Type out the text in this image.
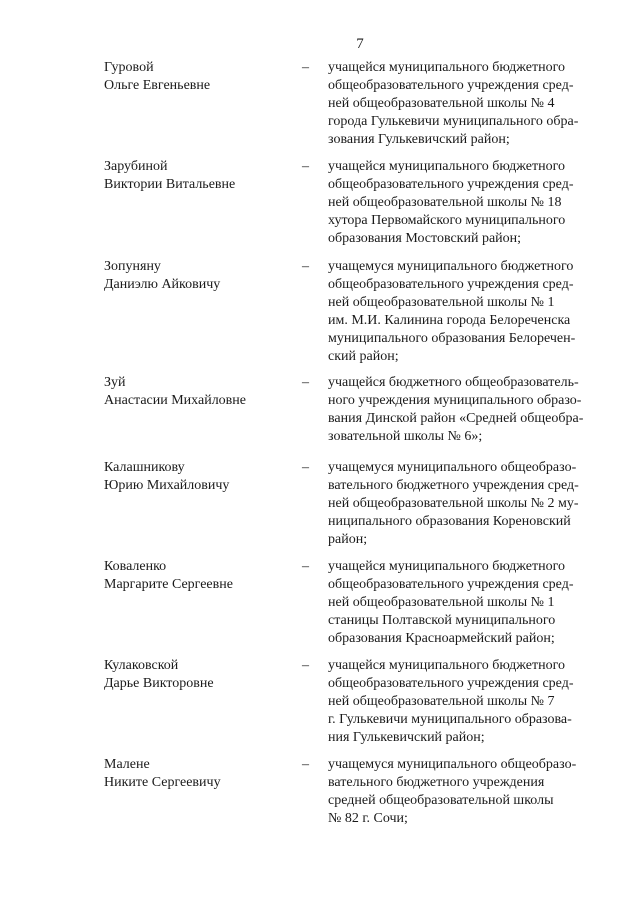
7
Гуровой
Ольге Евгеньевне
– учащейся муниципального бюджетного
общеобразовательного учреждения сред-
ней общеобразовательной школы № 4
города Гулькевичи муниципального обра-
зования Гулькевичский район;
Зарубиной
Виктории Витальевне
– учащейся муниципального бюджетного
общеобразовательного учреждения сред-
ней общеобразовательной школы № 18
хутора Первомайского муниципального
образования Мостовский район;
Зопуняну
Даниэлю Айковичу
– учащемуся муниципального бюджетного
общеобразовательного учреждения сред-
ней общеобразовательной школы № 1
им. М.И. Калинина города Белореченска
муниципального образования Белоречен-
ский район;
Зуй
Анастасии Михайловне
– учащейся бюджетного общеобразователь-
ного учреждения муниципального образо-
вания Динской район «Средней общеобра-
зовательной школы № 6»;
Калашникову
Юрию Михайловичу
– учащемуся муниципального общеобразо-
вательного бюджетного учреждения сред-
ней общеобразовательной школы № 2 му-
ниципального образования Кореновский
район;
Коваленко
Маргарите Сергеевне
– учащейся муниципального бюджетного
общеобразовательного учреждения сред-
ней общеобразовательной школы № 1
станицы Полтавской муниципального
образования Красноармейский район;
Кулаковской
Дарье Викторовне
– учащейся муниципального бюджетного
общеобразовательного учреждения сред-
ней общеобразовательной школы № 7
г. Гулькевичи муниципального образова-
ния Гулькевичский район;
Малене
Никите Сергеевичу
– учащемуся муниципального общеобразо-
вательного бюджетного учреждения
средней общеобразовательной школы
№ 82 г. Сочи;
